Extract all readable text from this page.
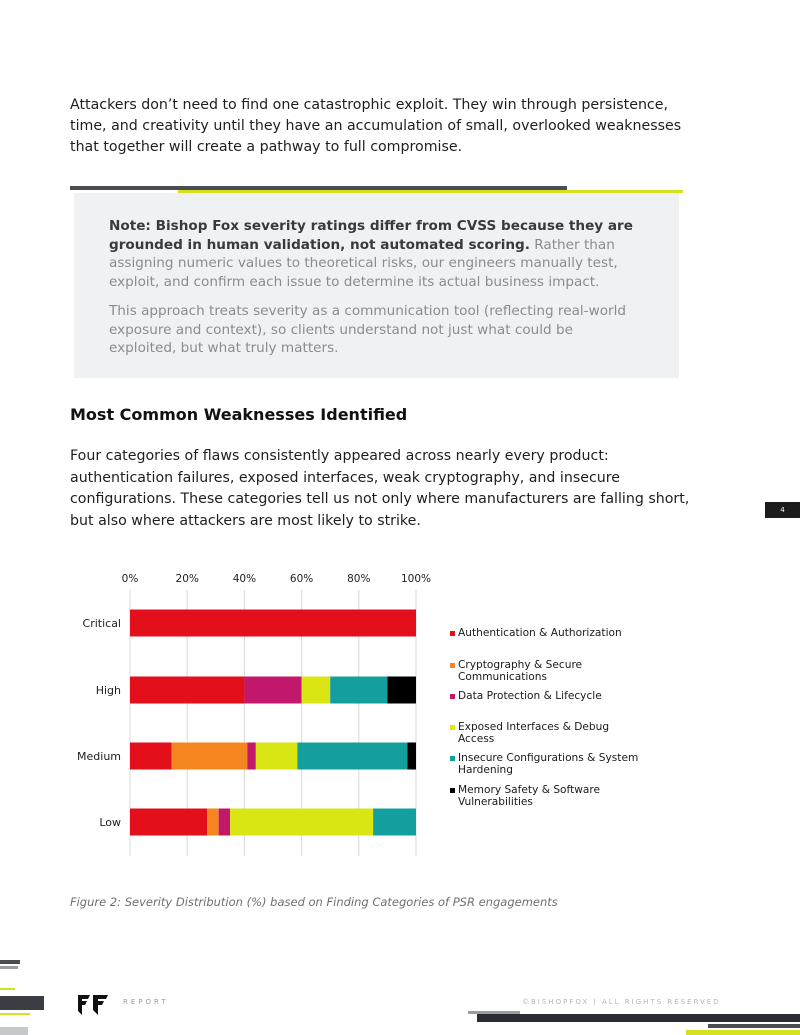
Attackers don’t need to find one catastrophic exploit. They win through persistence, time, and creativity until they have an accumulation of small, overlooked weaknesses that together will create a pathway to full compromise.

Note: Bishop Fox severity ratings differ from CVSS because they are grounded in human validation, not automated scoring. Rather than assigning numeric values to theoretical risks, our engineers manually test, exploit, and confirm each issue to determine its actual business impact.

This approach treats severity as a communication tool (reflecting real-world exposure and context), so clients understand not just what could be exploited, but what truly matters.

Most Common Weaknesses Identified

Four categories of flaws consistently appeared across nearly every product: authentication failures, exposed interfaces, weak cryptography, and insecure configurations. These categories tell us not only where manufacturers are falling short, but also where attackers are most likely to strike.

4
0%	20%	40%	60%	80%	100%
Critical
High
Medium
Low
Authentication & Authorization
Cryptography & Secure Communications
Data Protection & Lifecycle
Exposed Interfaces & Debug Access
Insecure Configurations & System Hardening
Memory Safety & Software Vulnerabilities

Figure 2: Severity Distribution (%) based on Finding Categories of PSR engagements

REPORT	©BISHOPFOX | ALL RIGHTS RESERVED
